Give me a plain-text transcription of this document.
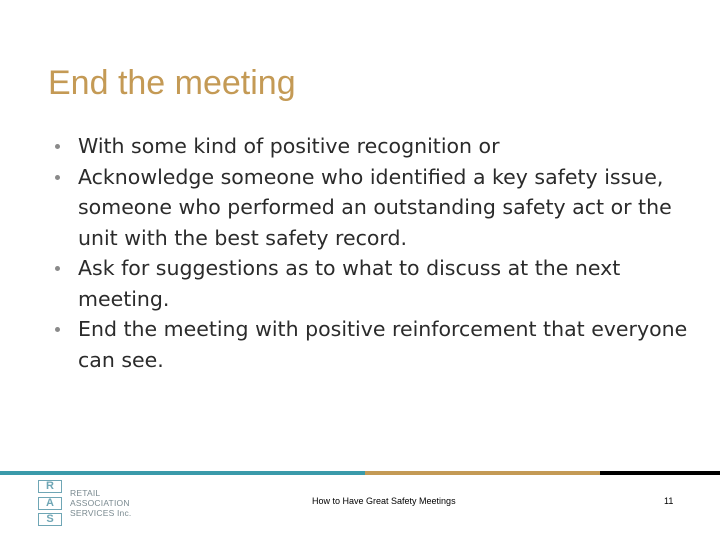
End the meeting
With some kind of positive recognition or
Acknowledge someone who identified a key safety issue, someone who performed an outstanding safety act or the unit with the best safety record.
Ask for suggestions as to what to discuss at the next meeting.
End the meeting with positive reinforcement that everyone can see.
R
A
S
RETAIL
ASSOCIATION
SERVICES Inc.
How to Have Great Safety Meetings	11
